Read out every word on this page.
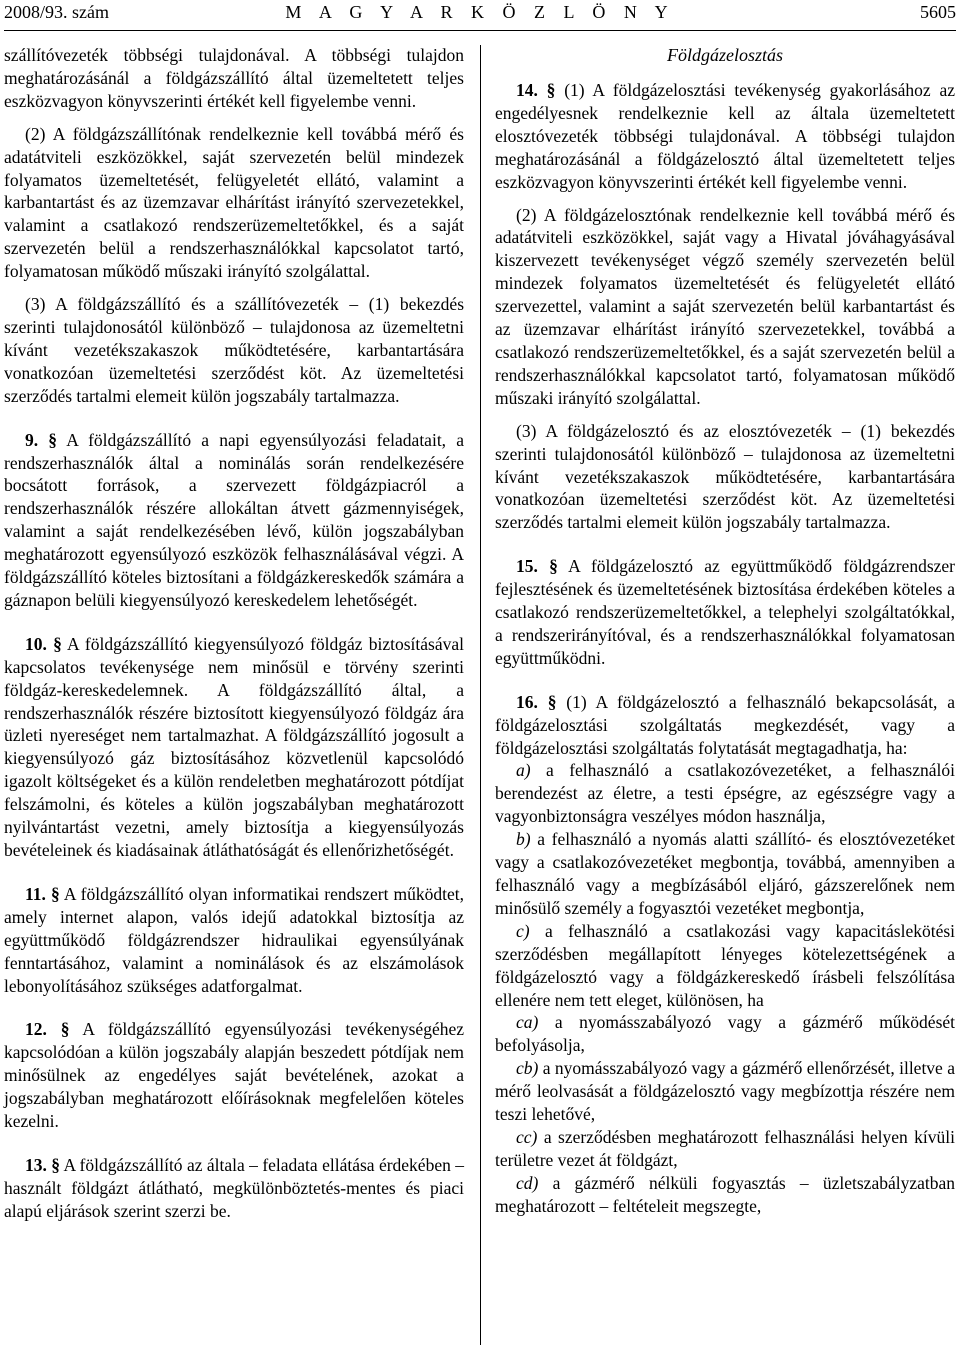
2008/93. szám	M A G Y A R K Ö Z L Ö N Y	5605

szállítóvezeték többségi tulajdonával. A többségi tulajdon meghatározásánál a földgázszállító által üzemeltetett teljes eszközvagyon könyvszerinti értékét kell figyelembe venni.

(2) A földgázszállítónak rendelkeznie kell továbbá mérő és adatátviteli eszközökkel, saját szervezetén belül mindezek folyamatos üzemeltetését, felügyeletét ellátó, valamint a karbantartást és az üzemzavar elhárítást irányító szervezetekkel, valamint a csatlakozó rendszerüzemeltetőkkel, és a saját szervezetén belül a rendszerhasználókkal kapcsolatot tartó, folyamatosan működő műszaki irányító szolgálattal.

(3) A földgázszállító és a szállítóvezeték – (1) bekezdés szerinti tulajdonosától különböző – tulajdonosa az üzemeltetni kívánt vezetékszakaszok működtetésére, karbantartására vonatkozóan üzemeltetési szerződést köt. Az üzemeltetési szerződés tartalmi elemeit külön jogszabály tartalmazza.

9. § A földgázszállító a napi egyensúlyozási feladatait, a rendszerhasználók által a nominálás során rendelkezésére bocsátott források, a szervezett földgázpiacról a rendszerhasználók részére allokáltan átvett gázmennyiségek, valamint a saját rendelkezésében lévő, külön jogszabályban meghatározott egyensúlyozó eszközök felhasználásával végzi. A földgázszállító köteles biztosítani a földgázkereskedők számára a gáznapon belüli kiegyensúlyozó kereskedelem lehetőségét.

10. § A földgázszállító kiegyensúlyozó földgáz biztosításával kapcsolatos tevékenysége nem minősül e törvény szerinti földgáz-kereskedelemnek. A földgázszállító által, a rendszerhasználók részére biztosított kiegyensúlyozó földgáz ára üzleti nyereséget nem tartalmazhat. A földgázszállító jogosult a kiegyensúlyozó gáz biztosításához közvetlenül kapcsolódó igazolt költségeket és a külön rendeletben meghatározott pótdíjat felszámolni, és köteles a külön jogszabályban meghatározott nyilvántartást vezetni, amely biztosítja a kiegyensúlyozás bevételeinek és kiadásainak átláthatóságát és ellenőrizhetőségét.

11. § A földgázszállító olyan informatikai rendszert működtet, amely internet alapon, valós idejű adatokkal biztosítja az együttműködő földgázrendszer hidraulikai egyensúlyának fenntartásához, valamint a nominálások és az elszámolások lebonyolításához szükséges adatforgalmat.

12. § A földgázszállító egyensúlyozási tevékenységéhez kapcsolódóan a külön jogszabály alapján beszedett pótdíjak nem minősülnek az engedélyes saját bevételének, azokat a jogszabályban meghatározott előírásoknak megfelelően köteles kezelni.

13. § A földgázszállító az általa – feladata ellátása érdekében – használt földgázt átlátható, megkülönböztetés-mentes és piaci alapú eljárások szerint szerzi be.

Földgázelosztás

14. § (1) A földgázelosztási tevékenység gyakorlásához az engedélyesnek rendelkeznie kell az általa üzemeltetett elosztóvezeték többségi tulajdonával. A többségi tulajdon meghatározásánál a földgázelosztó által üzemeltetett teljes eszközvagyon könyvszerinti értékét kell figyelembe venni.

(2) A földgázelosztónak rendelkeznie kell továbbá mérő és adatátviteli eszközökkel, saját vagy a Hivatal jóváhagyásával kiszervezett tevékenységet végző személy szervezetén belül mindezek folyamatos üzemeltetését és felügyeletét ellátó szervezettel, valamint a saját szervezetén belül karbantartást és az üzemzavar elhárítást irányító szervezetekkel, továbbá a csatlakozó rendszerüzemeltetőkkel, és a saját szervezetén belül a rendszerhasználókkal kapcsolatot tartó, folyamatosan működő műszaki irányító szolgálattal.

(3) A földgázelosztó és az elosztóvezeték – (1) bekezdés szerinti tulajdonosától különböző – tulajdonosa az üzemeltetni kívánt vezetékszakaszok működtetésére, karbantartására vonatkozóan üzemeltetési szerződést köt. Az üzemeltetési szerződés tartalmi elemeit külön jogszabály tartalmazza.

15. § A földgázelosztó az együttműködő földgázrendszer fejlesztésének és üzemeltetésének biztosítása érdekében köteles a csatlakozó rendszerüzemeltetőkkel, a telephelyi szolgáltatókkal, a rendszerirányítóval, és a rendszerhasználókkal folyamatosan együttműködni.

16. § (1) A földgázelosztó a felhasználó bekapcsolását, a földgázelosztási szolgáltatás megkezdését, vagy a földgázelosztási szolgáltatás folytatását megtagadhatja, ha:

a) a felhasználó a csatlakozóvezetéket, a felhasználói berendezést az életre, a testi épségre, az egészségre vagy a vagyonbiztonságra veszélyes módon használja,

b) a felhasználó a nyomás alatti szállító- és elosztóvezetéket vagy a csatlakozóvezetéket megbontja, továbbá, amennyiben a felhasználó vagy a megbízásából eljáró, gázszerelőnek nem minősülő személy a fogyasztói vezetéket megbontja,

c) a felhasználó a csatlakozási vagy kapacitáslekötési szerződésben megállapított lényeges kötelezettségének a földgázelosztó vagy a földgázkereskedő írásbeli felszólítása ellenére nem tett eleget, különösen, ha

ca) a nyomásszabályozó vagy a gázmérő működését befolyásolja,

cb) a nyomásszabályozó vagy a gázmérő ellenőrzését, illetve a mérő leolvasását a földgázelosztó vagy megbízottja részére nem teszi lehetővé,

cc) a szerződésben meghatározott felhasználási helyen kívüli területre vezet át földgázt,

cd) a gázmérő nélküli fogyasztás – üzletszabályzatban meghatározott – feltételeit megszegte,
